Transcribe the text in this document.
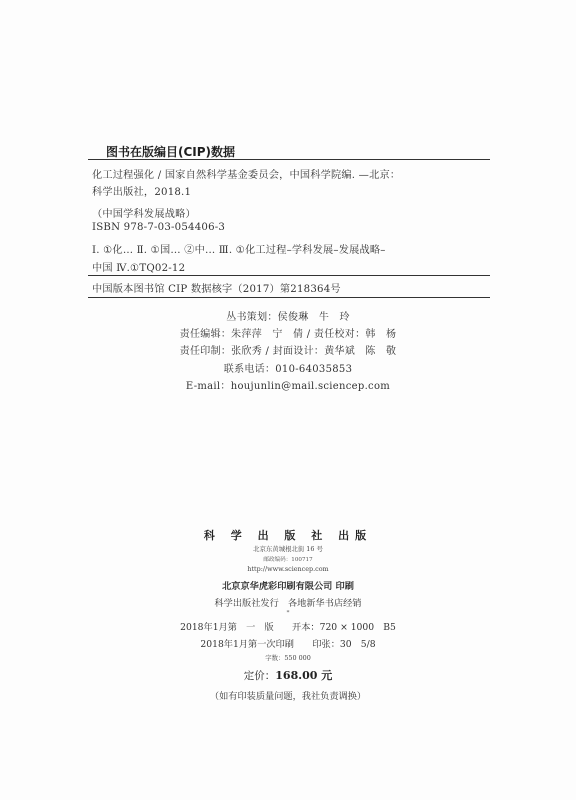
图书在版编目(CIP)数据
化工过程强化 / 国家自然科学基金委员会，中国科学院编. —北京：
科学出版社，2018.1
（中国学科发展战略）
ISBN 978-7-03-054406-3
Ⅰ. ①化… Ⅱ. ①国… ②中… Ⅲ. ①化工过程–学科发展–发展战略–
中国 Ⅳ.①TQ02-12
中国版本图书馆 CIP 数据核字（2017）第218364号
丛书策划：侯俊琳　牛　玲
责任编辑：朱萍萍　宁　倩 / 责任校对：韩　杨
责任印制：张欣秀 / 封面设计：黄华斌　陈　敬
联系电话：010-64035853
E-mail：houjunlin@mail.sciencep.com
科 学 出 版 社 出版
北京东黄城根北街 16 号
邮政编码：100717
http://www.sciencep.com
北京京华虎彩印刷有限公司 印刷
科学出版社发行　各地新华书店经销
*
2018年1月第　一　版　　开本：720 × 1000　B5
2018年1月第一次印刷　　印张：30　5/8
字数：550 000
定价：168.00 元
（如有印装质量问题，我社负责调换）
